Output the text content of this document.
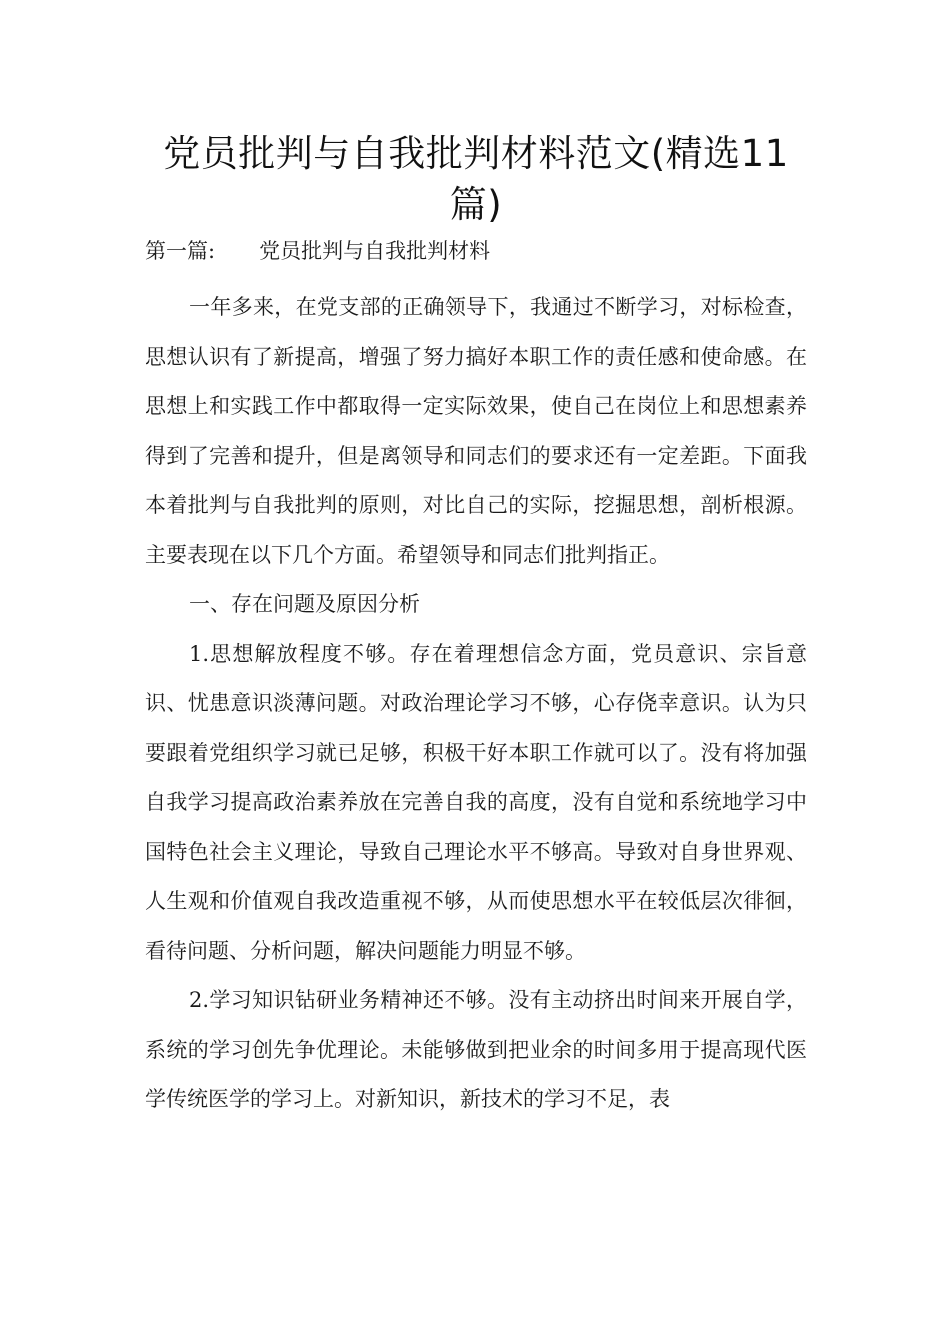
党员批判与自我批判材料范文(精选11篇)
第一篇: 党员批判与自我批判材料

一年多来，在党支部的正确领导下，我通过不断学习，对标检查，思想认识有了新提高，增强了努力搞好本职工作的责任感和使命感。在思想上和实践工作中都取得一定实际效果，使自己在岗位上和思想素养得到了完善和提升，但是离领导和同志们的要求还有一定差距。下面我本着批判与自我批判的原则，对比自己的实际，挖掘思想，剖析根源。主要表现在以下几个方面。希望领导和同志们批判指正。

一、存在问题及原因分析

1.思想解放程度不够。存在着理想信念方面，党员意识、宗旨意识、忧患意识淡薄问题。对政治理论学习不够，心存侥幸意识。认为只要跟着党组织学习就已足够，积极干好本职工作就可以了。没有将加强自我学习提高政治素养放在完善自我的高度，没有自觉和系统地学习中国特色社会主义理论，导致自己理论水平不够高。导致对自身世界观、人生观和价值观自我改造重视不够，从而使思想水平在较低层次徘徊，看待问题、分析问题，解决问题能力明显不够。

2.学习知识钻研业务精神还不够。没有主动挤出时间来开展自学，系统的学习创先争优理论。未能够做到把业余的时间多用于提高现代医学传统医学的学习上。对新知识，新技术的学习不足，表
